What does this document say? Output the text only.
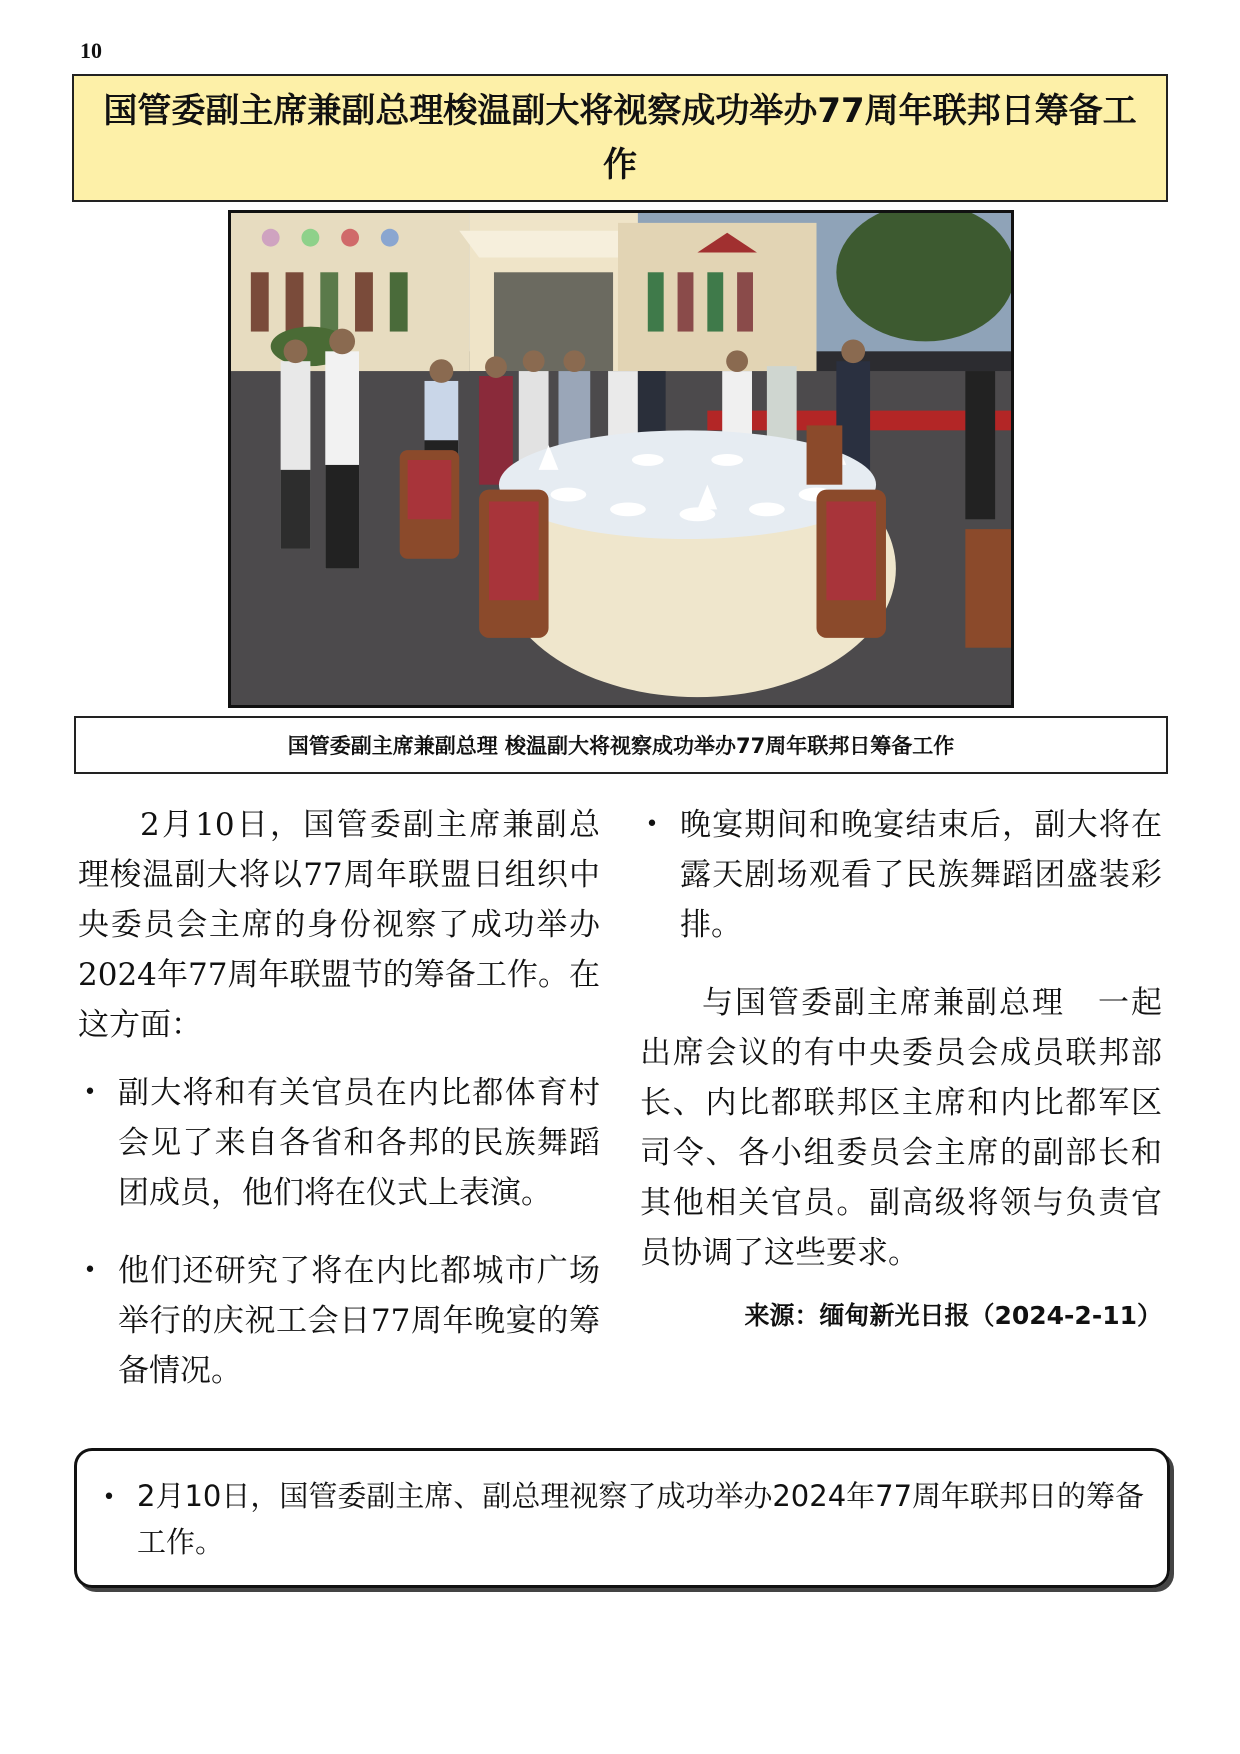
10
国管委副主席兼副总理梭温副大将视察成功举办77周年联邦日筹备工作
国管委副主席兼副总理 梭温副大将视察成功举办77周年联邦日筹备工作

2月10日，国管委副主席兼副总理梭温副大将以77周年联盟日组织中央委员会主席的身份视察了成功举办2024年77周年联盟节的筹备工作。在这方面：

• 副大将和有关官员在内比都体育村会见了来自各省和各邦的民族舞蹈团成员，他们将在仪式上表演。
• 他们还研究了将在内比都城市广场举行的庆祝工会日77周年晚宴的筹备情况。
• 晚宴期间和晚宴结束后，副大将在露天剧场观看了民族舞蹈团盛装彩排。

与国管委副主席兼副总理　一起出席会议的有中央委员会成员联邦部长、内比都联邦区主席和内比都军区司令、各小组委员会主席的副部长和其他相关官员。副高级将领与负责官员协调了这些要求。

来源：缅甸新光日报（2024-2-11）
• 2月10日，国管委副主席、副总理视察了成功举办2024年77周年联邦日的筹备工作。
